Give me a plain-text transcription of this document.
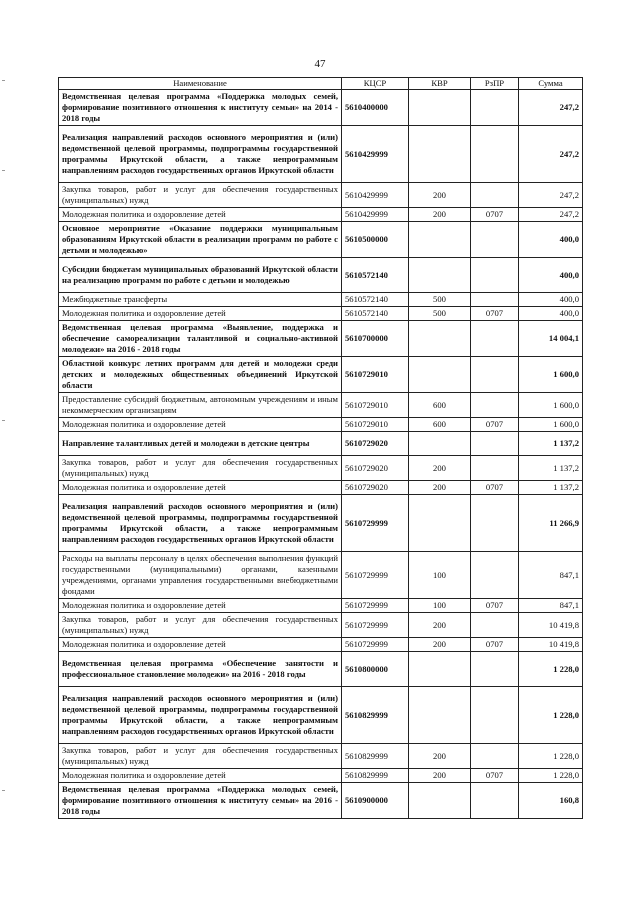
47
Наименование	КЦСР	КВР	РзПР	Сумма
Ведомственная целевая программа «Поддержка молодых семей, формирование позитивного отношения к институту семьи» на 2014 - 2018 годы	5610400000			247,2
Реализация направлений расходов основного мероприятия и (или) ведомственной целевой программы, подпрограммы государственной программы Иркутской области, а также непрограммным направлениям расходов государственных органов Иркутской области	5610429999			247,2
Закупка товаров, работ и услуг для обеспечения государственных (муниципальных) нужд	5610429999	200		247,2
Молодежная политика и оздоровление детей	5610429999	200	0707	247,2
Основное мероприятие «Оказание поддержки муниципальным образованиям Иркутской области в реализации программ по работе с детьми и молодежью»	5610500000			400,0
Субсидии бюджетам муниципальных образований Иркутской области на реализацию программ по работе с детьми и молодежью	5610572140			400,0
Межбюджетные трансферты	5610572140	500		400,0
Молодежная политика и оздоровление детей	5610572140	500	0707	400,0
Ведомственная целевая программа «Выявление, поддержка и обеспечение самореализации талантливой и социально-активной молодежи» на 2016 - 2018 годы	5610700000			14 004,1
Областной конкурс летних программ для детей и молодежи среди детских и молодежных общественных объединений Иркутской области	5610729010			1 600,0
Предоставление субсидий бюджетным, автономным учреждениям и иным некоммерческим организациям	5610729010	600		1 600,0
Молодежная политика и оздоровление детей	5610729010	600	0707	1 600,0
Направление талантливых детей и молодежи в детские центры	5610729020			1 137,2
Закупка товаров, работ и услуг для обеспечения государственных (муниципальных) нужд	5610729020	200		1 137,2
Молодежная политика и оздоровление детей	5610729020	200	0707	1 137,2
Реализация направлений расходов основного мероприятия и (или) ведомственной целевой программы, подпрограммы государственной программы Иркутской области, а также непрограммным направлениям расходов государственных органов Иркутской области	5610729999			11 266,9
Расходы на выплаты персоналу в целях обеспечения выполнения функций государственными (муниципальными) органами, казенными учреждениями, органами управления государственными внебюджетными фондами	5610729999	100		847,1
Молодежная политика и оздоровление детей	5610729999	100	0707	847,1
Закупка товаров, работ и услуг для обеспечения государственных (муниципальных) нужд	5610729999	200		10 419,8
Молодежная политика и оздоровление детей	5610729999	200	0707	10 419,8
Ведомственная целевая программа «Обеспечение занятости и профессиональное становление молодежи» на 2016 - 2018 годы	5610800000			1 228,0
Реализация направлений расходов основного мероприятия и (или) ведомственной целевой программы, подпрограммы государственной программы Иркутской области, а также непрограммным направлениям расходов государственных органов Иркутской области	5610829999			1 228,0
Закупка товаров, работ и услуг для обеспечения государственных (муниципальных) нужд	5610829999	200		1 228,0
Молодежная политика и оздоровление детей	5610829999	200	0707	1 228,0
Ведомственная целевая программа «Поддержка молодых семей, формирование позитивного отношения к институту семьи» на 2016 - 2018 годы	5610900000			160,8
